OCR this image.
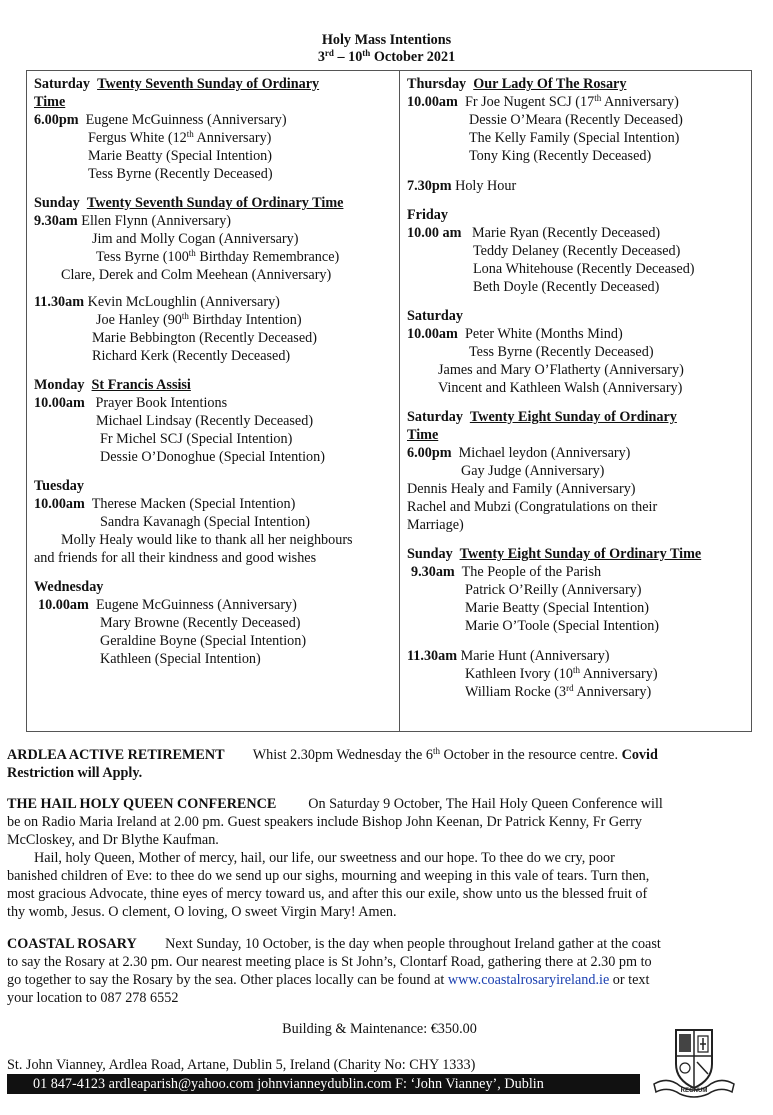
Holy Mass Intentions
3rd – 10th October 2021
Saturday Twenty Seventh Sunday of Ordinary
Time
6.00pm Eugene McGuinness (Anniversary)
Fergus White (12th Anniversary)
Marie Beatty (Special Intention)
Tess Byrne (Recently Deceased)
Sunday Twenty Seventh Sunday of Ordinary Time
9.30am Ellen Flynn (Anniversary)
Jim and Molly Cogan (Anniversary)
Tess Byrne (100th Birthday Remembrance)
Clare, Derek and Colm Meehean (Anniversary)
11.30am Kevin McLoughlin (Anniversary)
Joe Hanley (90th Birthday Intention)
Marie Bebbington (Recently Deceased)
Richard Kerk (Recently Deceased)
Monday St Francis Assisi
10.00am Prayer Book Intentions
Michael Lindsay (Recently Deceased)
Fr Michel SCJ (Special Intention)
Dessie O’Donoghue (Special Intention)
Tuesday
10.00am Therese Macken (Special Intention)
Sandra Kavanagh (Special Intention)
Molly Healy would like to thank all her neighbours
and friends for all their kindness and good wishes
Wednesday
10.00am Eugene McGuinness (Anniversary)
Mary Browne (Recently Deceased)
Geraldine Boyne (Special Intention)
Kathleen (Special Intention)
Thursday Our Lady Of The Rosary
10.00am Fr Joe Nugent SCJ (17th Anniversary)
Dessie O’Meara (Recently Deceased)
The Kelly Family (Special Intention)
Tony King (Recently Deceased)
7.30pm Holy Hour
Friday
10.00 am Marie Ryan (Recently Deceased)
Teddy Delaney (Recently Deceased)
Lona Whitehouse (Recently Deceased)
Beth Doyle (Recently Deceased)
Saturday
10.00am Peter White (Months Mind)
Tess Byrne (Recently Deceased)
James and Mary O’Flatherty (Anniversary)
Vincent and Kathleen Walsh (Anniversary)
Saturday Twenty Eight Sunday of Ordinary
Time
6.00pm Michael leydon (Anniversary)
Gay Judge (Anniversary)
Dennis Healy and Family (Anniversary)
Rachel and Mubzi (Congratulations on their
Marriage)
Sunday Twenty Eight Sunday of Ordinary Time
9.30am The People of the Parish
Patrick O’Reilly (Anniversary)
Marie Beatty (Special Intention)
Marie O’Toole (Special Intention)
11.30am Marie Hunt (Anniversary)
Kathleen Ivory (10th Anniversary)
William Rocke (3rd Anniversary)
ARDLEA ACTIVE RETIREMENT Whist 2.30pm Wednesday the 6th October in the resource centre. Covid
Restriction will Apply.
THE HAIL HOLY QUEEN CONFERENCE On Saturday 9 October, The Hail Holy Queen Conference will
be on Radio Maria Ireland at 2.00 pm. Guest speakers include Bishop John Keenan, Dr Patrick Kenny, Fr Gerry
McCloskey, and Dr Blythe Kaufman.
Hail, holy Queen, Mother of mercy, hail, our life, our sweetness and our hope. To thee do we cry, poor
banished children of Eve: to thee do we send up our sighs, mourning and weeping in this vale of tears. Turn then,
most gracious Advocate, thine eyes of mercy toward us, and after this our exile, show unto us the blessed fruit of
thy womb, Jesus. O clement, O loving, O sweet Virgin Mary! Amen.
COASTAL ROSARY Next Sunday, 10 October, is the day when people throughout Ireland gather at the coast
to say the Rosary at 2.30 pm. Our nearest meeting place is St John’s, Clontarf Road, gathering there at 2.30 pm to
go together to say the Rosary by the sea. Other places locally can be found at www.coastalrosaryireland.ie or text
your location to 087 278 6552
Building & Maintenance: €350.00
St. John Vianney, Ardlea Road, Artane, Dublin 5, Ireland (Charity No: CHY 1333)
01 847-4123 ardleaparish@yahoo.com johnvianneydublin.com F: ‘John Vianney’, Dublin	REGNUM
